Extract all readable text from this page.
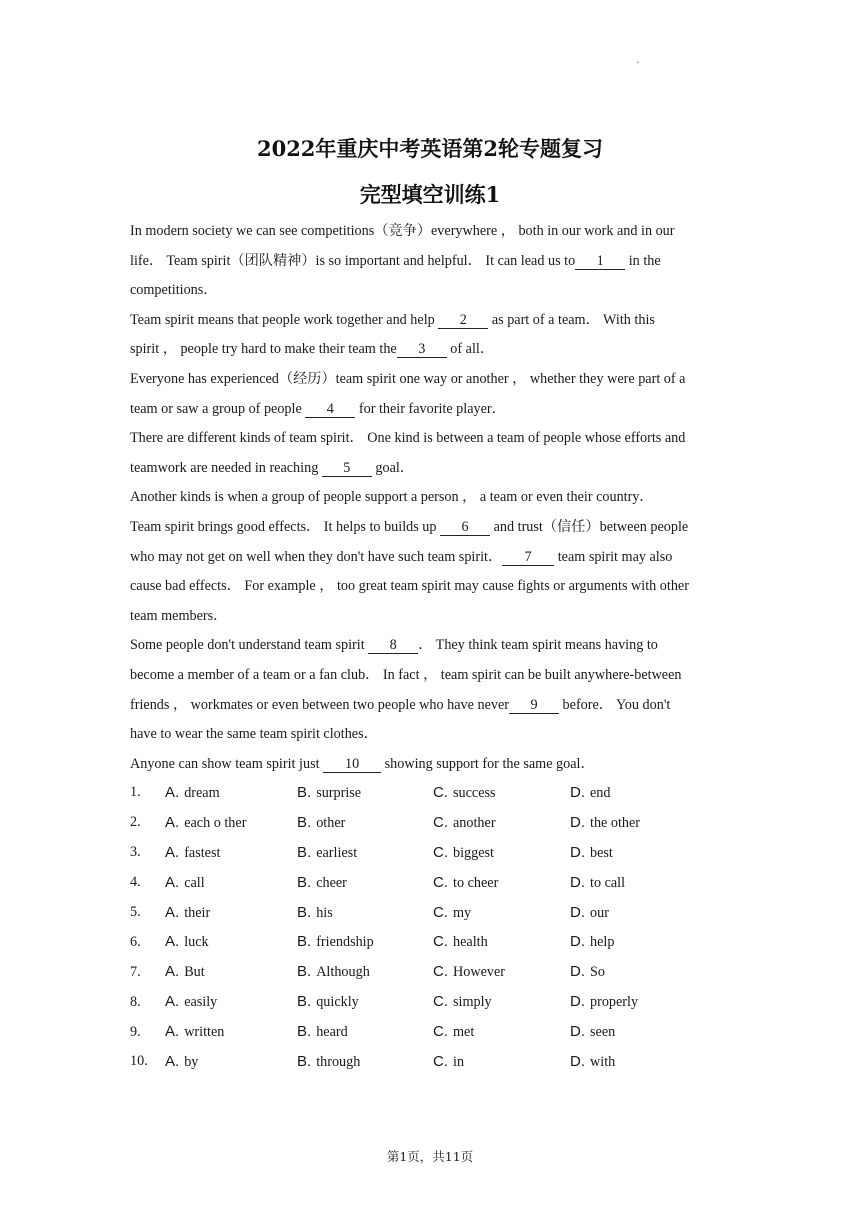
·
2022年重庆中考英语第2轮专题复习
完型填空训练1

In modern society we can see competitions（竞争）everywhere ， both in our work and in our

life． Team spirit（团队精神）is so important and helpful． It can lead us to 1 in the

competitions．

Team spirit means that people work together and help 2 as part of a team． With this

spirit ， people try hard to make their team the 3 of all．

Everyone has experienced（经历）team spirit one way or another ， whether they were part of a

team or saw a group of people 4 for their favorite player．

There are different kinds of team spirit． One kind is between a team of people whose efforts and

teamwork are needed in reaching 5 goal．

Another kinds is when a group of people support a person ， a team or even their country．

Team spirit brings good effects． It helps to builds up 6 and trust（信任）between people

who may not get on well when they don't have such team spirit． 7 team spirit may also

cause bad effects． For example ， too great team spirit may cause fights or arguments with other

team members．

Some people don't understand team spirit 8 ． They think team spirit means having to

become a member of a team or a fan club． In fact ， team spirit can be built anywhere-between

friends ， workmates or even between two people who have never 9 before． You don't

have to wear the same team spirit clothes．

Anyone can show team spirit just 10 showing support for the same goal．

1.	A. dream	B. surprise	C. success	D. end
2.	A. each o ther	B. other	C. another	D. the other
3.	A. fastest	B. earliest	C. biggest	D. best
4.	A. call	B. cheer	C. to cheer	D. to call
5.	A. their	B. his	C. my	D. our
6.	A. luck	B. friendship	C. health	D. help
7.	A. But	B. Although	C. However	D. So
8.	A. easily	B. quickly	C. simply	D. properly
9.	A. written	B. heard	C. met	D. seen
10.	A. by	B. through	C. in	D. with
第1页，共11页
